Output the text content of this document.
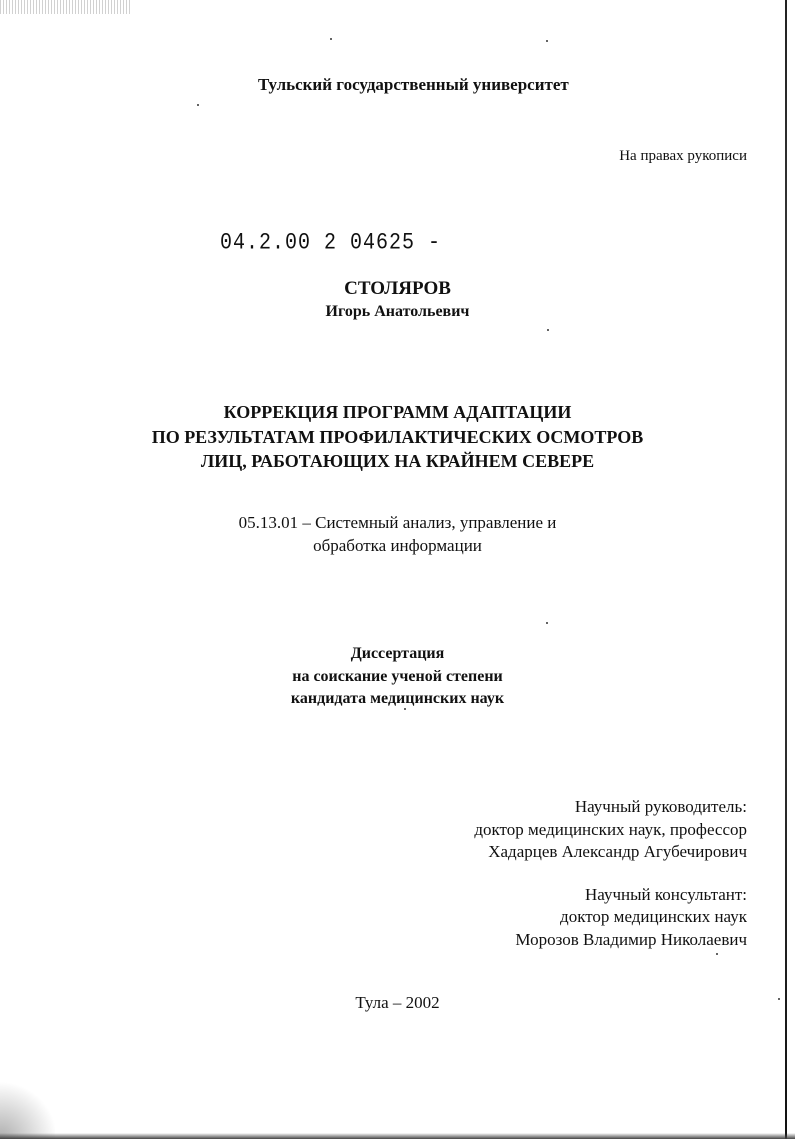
Тульский государственный университет
На правах рукописи
04.2.00 2 04625 -
СТОЛЯРОВ
Игорь Анатольевич
КОРРЕКЦИЯ ПРОГРАММ АДАПТАЦИИ
ПО РЕЗУЛЬТАТАМ ПРОФИЛАКТИЧЕСКИХ ОСМОТРОВ
ЛИЦ, РАБОТАЮЩИХ НА КРАЙНЕМ СЕВЕРЕ
05.13.01 – Системный анализ, управление и
обработка информации
Диссертация
на соискание ученой степени
кандидата медицинских наук
Научный руководитель:
доктор медицинских наук, профессор
Хадарцев Александр Агубечирович
Научный консультант:
доктор медицинских наук
Морозов Владимир Николаевич
Тула – 2002
